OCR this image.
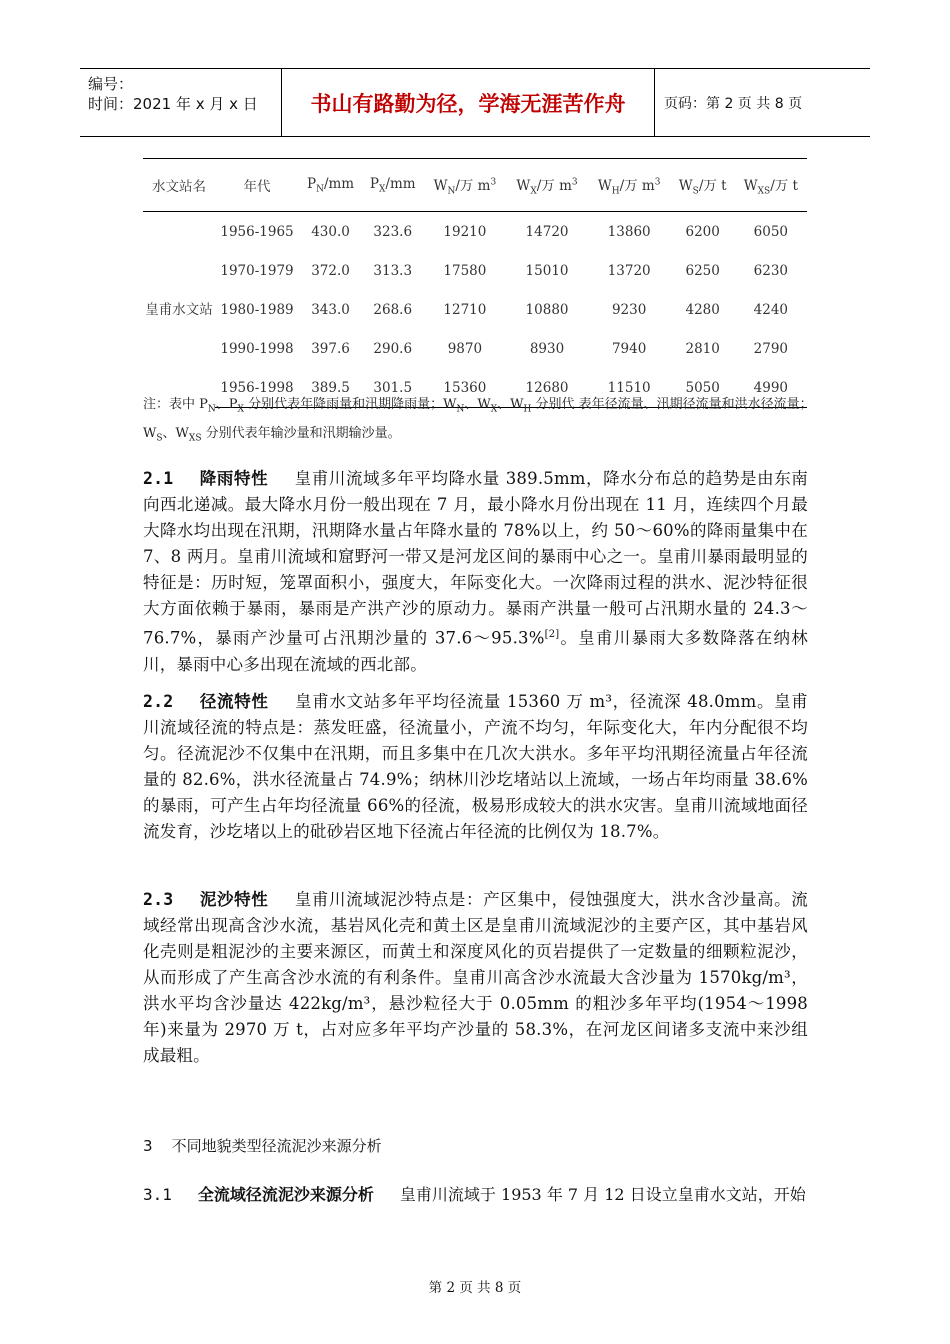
编号：
时间：2021 年 x 月 x 日	书山有路勤为径，学海无涯苦作舟	页码：第 2 页 共 8 页
水文站名	年代	$P_N/mm$	$P_X/mm$	$W_N/$万 $m^3$	$W_X/$万 $m^3$	$W_H/$万 $m^3$	$W_S/$万 t	$W_{XS}/$万 t
皇甫水文站	1956-1965	430.0	323.6	19210	14720	13860	6200	6050
	1970-1979	372.0	313.3	17580	15010	13720	6250	6230
	1980-1989	343.0	268.6	12710	10880	9230	4280	4240
	1990-1998	397.6	290.6	9870	8930	7940	2810	2790
	1956-1998	389.5	301.5	15360	12680	11510	5050	4990
注：表中 $P_N$、$P_X$ 分别代表年降雨量和汛期降雨量；$W_N$、$W_X$、$W_H$ 分别代 表年径流量、汛期径流量和洪水径流量；$W_S$、$W_{XS}$ 分别代表年输沙量和汛期输沙量。
2.1 降雨特性 皇甫川流域多年平均降水量 389.5mm，降水分布总的趋势是由东南向西北递减。最大降水月份一般出现在 7 月，最小降水月份出现在 11 月，连续四个月最大降水均出现在汛期，汛期降水量占年降水量的 78%以上，约 50～60%的降雨量集中在 7、8 两月。皇甫川流域和窟野河一带又是河龙区间的暴雨中心之一。皇甫川暴雨最明显的特征是：历时短，笼罩面积小，强度大，年际变化大。一次降雨过程的洪水、泥沙特征很大方面依赖于暴雨，暴雨是产洪产沙的原动力。暴雨产洪量一般可占汛期水量的 24.3～76.7%，暴雨产沙量可占汛期沙量的 37.6～95.3%[2]。皇甫川暴雨大多数降落在纳林川，暴雨中心多出现在流域的西北部。
2.2 径流特性 皇甫水文站多年平均径流量 15360 万 m³，径流深 48.0mm。皇甫川流域径流的特点是：蒸发旺盛，径流量小，产流不均匀，年际变化大，年内分配很不均匀。径流泥沙不仅集中在汛期，而且多集中在几次大洪水。多年平均汛期径流量占年径流量的 82.6%，洪水径流量占 74.9%；纳林川沙圪堵站以上流域，一场占年均雨量 38.6%的暴雨，可产生占年均径流量 66%的径流，极易形成较大的洪水灾害。皇甫川流域地面径流发育，沙圪堵以上的砒砂岩区地下径流占年径流的比例仅为 18.7%。
2.3 泥沙特性 皇甫川流域泥沙特点是：产区集中，侵蚀强度大，洪水含沙量高。流域经常出现高含沙水流，基岩风化壳和黄土区是皇甫川流域泥沙的主要产区，其中基岩风化壳则是粗泥沙的主要来源区，而黄土和深度风化的页岩提供了一定数量的细颗粒泥沙，从而形成了产生高含沙水流的有利条件。皇甫川高含沙水流最大含沙量为 1570kg/m³，洪水平均含沙量达 422kg/m³，悬沙粒径大于 0.05mm 的粗沙多年平均(1954～1998 年)来量为 2970 万 t，占对应多年平均产沙量的 58.3%，在河龙区间诸多支流中来沙组成最粗。
3    不同地貌类型径流泥沙来源分析
3.1 全流域径流泥沙来源分析 皇甫川流域于 1953 年 7 月 12 日设立皇甫水文站，开始
第 2 页 共 8 页
